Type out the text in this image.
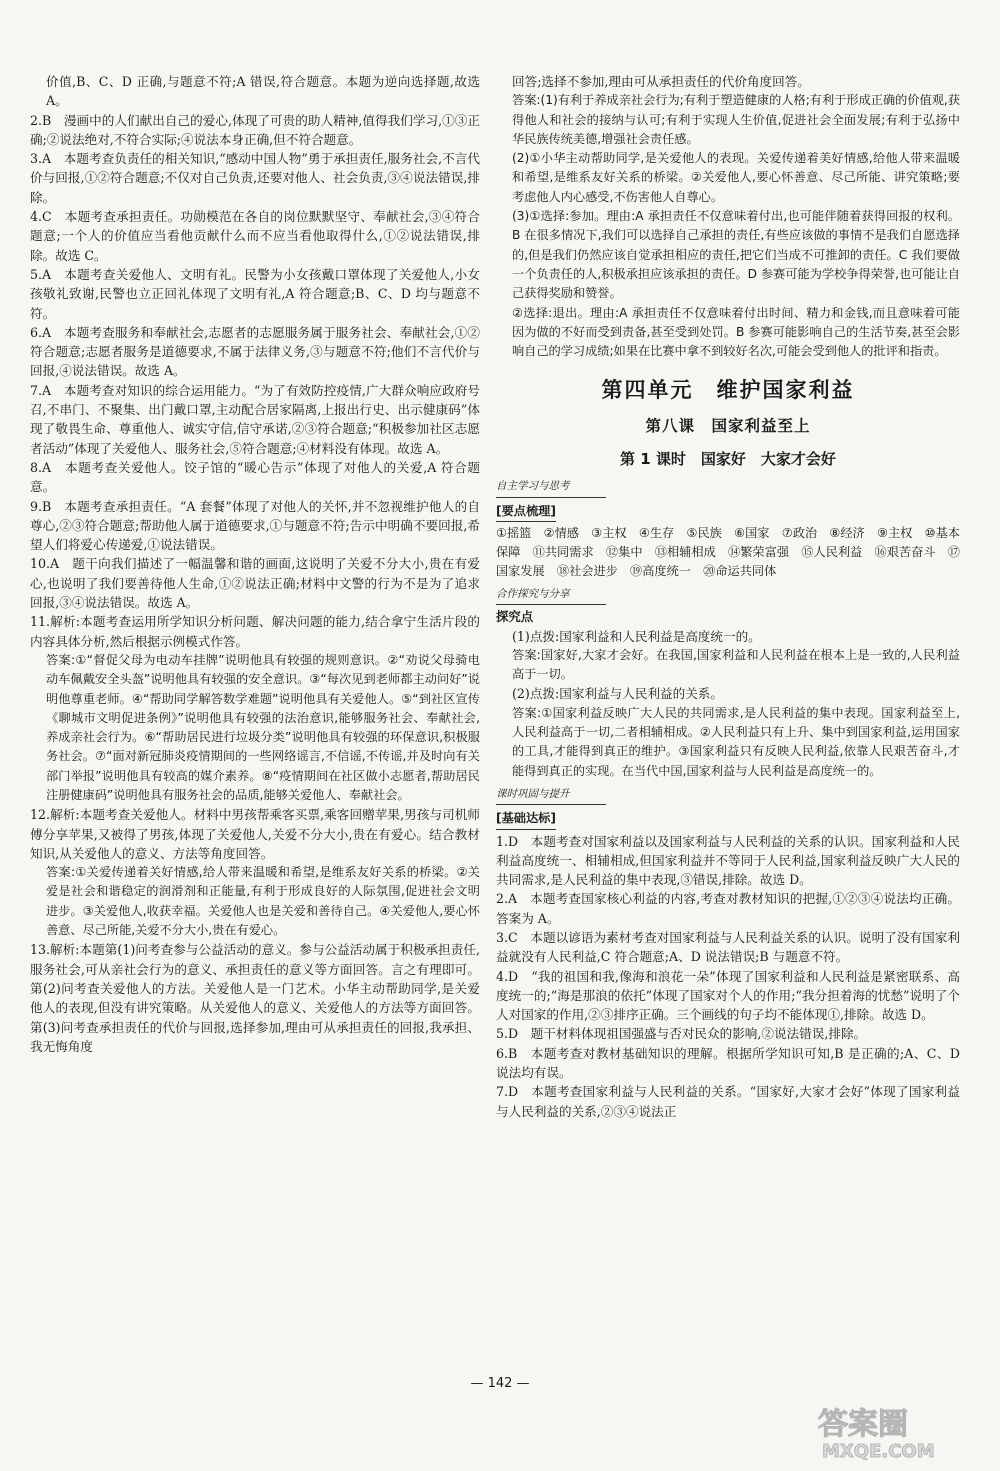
价值,B、C、D 正确,与题意不符;A 错误,符合题意。本题为逆向选择题,故选 A。

2.B　漫画中的人们献出自己的爱心,体现了可贵的助人精神,值得我们学习,①③正确;②说法绝对,不符合实际;④说法本身正确,但不符合题意。

3.A　本题考查负责任的相关知识,“感动中国人物”勇于承担责任,服务社会,不言代价与回报,①②符合题意;不仅对自己负责,还要对他人、社会负责,③④说法错误,排除。

4.C　本题考查承担责任。功勋模范在各自的岗位默默坚守、奉献社会,③④符合题意;一个人的价值应当看他贡献什么而不应当看他取得什么,①②说法错误,排除。故选 C。

5.A　本题考查关爱他人、文明有礼。民警为小女孩戴口罩体现了关爱他人,小女孩敬礼致谢,民警也立正回礼体现了文明有礼,A 符合题意;B、C、D 均与题意不符。

6.A　本题考查服务和奉献社会,志愿者的志愿服务属于服务社会、奉献社会,①②符合题意;志愿者服务是道德要求,不属于法律义务,③与题意不符;他们不言代价与回报,④说法错误。故选 A。

7.A　本题考查对知识的综合运用能力。“为了有效防控疫情,广大群众响应政府号召,不串门、不聚集、出门戴口罩,主动配合居家隔离,上报出行史、出示健康码”体现了敬畏生命、尊重他人、诚实守信,信守承诺,②③符合题意;“积极参加社区志愿者活动”体现了关爱他人、服务社会,⑤符合题意;④材料没有体现。故选 A。

8.A　本题考查关爱他人。饺子馆的“暖心告示”体现了对他人的关爱,A 符合题意。

9.B　本题考查承担责任。“A 套餐”体现了对他人的关怀,并不忽视维护他人的自尊心,②③符合题意;帮助他人属于道德要求,①与题意不符;告示中明确不要回报,希望人们将爱心传递爱,①说法错误。

10.A　题干向我们描述了一幅温馨和谐的画面,这说明了关爱不分大小,贵在有爱心,也说明了我们要善待他人生命,①②说法正确;材料中文警的行为不是为了追求回报,③④说法错误。故选 A。

11.解析:本题考查运用所学知识分析问题、解决问题的能力,结合拿宁生活片段的内容具体分析,然后根据示例模式作答。

答案:①“督促父母为电动车挂牌”说明他具有较强的规则意识。②“劝说父母骑电动车佩戴安全头盔”说明他具有较强的安全意识。③“每次见到老师都主动问好”说明他尊重老师。④“帮助同学解答数学难题”说明他具有关爱他人。⑤“到社区宣传《聊城市文明促进条例》”说明他具有较强的法治意识,能够服务社会、奉献社会,养成亲社会行为。⑥“帮助居民进行垃圾分类”说明他具有较强的环保意识,积极服务社会。⑦“面对新冠肺炎疫情期间的一些网络谣言,不信谣,不传谣,并及时向有关部门举报”说明他具有较高的媒介素养。⑧“疫情期间在社区做小志愿者,帮助居民注册健康码”说明他具有服务社会的品质,能够关爱他人、奉献社会。

12.解析:本题考查关爱他人。材料中男孩帮乘客买票,乘客回赠苹果,男孩与司机师傅分享苹果,又被得了男孩,体现了关爱他人,关爱不分大小,贵在有爱心。结合教材知识,从关爱他人的意义、方法等角度回答。

答案:①关爱传递着关好情感,给人带来温暖和希望,是维系友好关系的桥梁。②关爱是社会和谐稳定的润滑剂和正能量,有利于形成良好的人际氛围,促进社会文明进步。③关爱他人,收获幸福。关爱他人也是关爱和善待自己。④关爱他人,要心怀善意、尽己所能,关爱不分大小,贵在有爱心。

13.解析:本题第(1)问考查参与公益活动的意义。参与公益活动属于积极承担责任,服务社会,可从亲社会行为的意义、承担责任的意义等方面回答。言之有理即可。第(2)问考查关爱他人的方法。关爱他人是一门艺术。小华主动帮助同学,是关爱他人的表现,但没有讲究策略。从关爱他人的意义、关爱他人的方法等方面回答。第(3)问考查承担责任的代价与回报,选择参加,理由可从承担责任的回报,我承担、我无悔角度

回答;选择不参加,理由可从承担责任的代价角度回答。

答案:(1)有利于养成亲社会行为;有利于塑造健康的人格;有利于形成正确的价值观,获得他人和社会的接纳与认可;有利于实现人生价值,促进社会全面发展;有利于弘扬中华民族传统美德,增强社会责任感。

(2)①小华主动帮助同学,是关爱他人的表现。关爱传递着美好情感,给他人带来温暖和希望,是维系友好关系的桥梁。②关爱他人,要心怀善意、尽己所能、讲究策略;要考虑他人内心感受,不伤害他人自尊心。

(3)①选择:参加。理由:A 承担责任不仅意味着付出,也可能伴随着获得回报的权利。B 在很多情况下,我们可以选择自己承担的责任,有些应该做的事情不是我们自愿选择的,但是我们仍然应该自觉承担相应的责任,把它们当成不可推卸的责任。C 我们要做一个负责任的人,积极承担应该承担的责任。D 参赛可能为学校争得荣誉,也可能让自己获得奖励和赞誉。

②选择:退出。理由:A 承担责任不仅意味着付出时间、精力和金钱,而且意味着可能因为做的不好而受到责备,甚至受到处罚。B 参赛可能影响自己的生活节奏,甚至会影响自己的学习成绩;如果在比赛中拿不到较好名次,可能会受到他人的批评和指责。

第四单元　维护国家利益
第八课　国家利益至上
第 1 课时　国家好　大家才会好
自主学习与思考
[要点梳理]

①摇篮　②情感　③主权　④生存　⑤民族　⑥国家　⑦政治　⑧经济　⑨主权　⑩基本保障　⑪共同需求　⑫集中　⑬相辅相成　⑭繁荣富强　⑮人民利益　⑯艰苦奋斗　⑰国家发展　⑱社会进步　⑲高度统一　⑳命运共同体

合作探究与分享
探究点

(1)点拨:国家利益和人民利益是高度统一的。

答案:国家好,大家才会好。在我国,国家利益和人民利益在根本上是一致的,人民利益高于一切。

(2)点拨:国家利益与人民利益的关系。

答案:①国家利益反映广大人民的共同需求,是人民利益的集中表现。国家利益至上,人民利益高于一切,二者相辅相成。②人民利益只有上升、集中到国家利益,运用国家的工具,才能得到真正的维护。③国家利益只有反映人民利益,依靠人民艰苦奋斗,才能得到真正的实现。在当代中国,国家利益与人民利益是高度统一的。

课时巩固与提升
[基础达标]

1.D　本题考查对国家利益以及国家利益与人民利益的关系的认识。国家利益和人民利益高度统一、相辅相成,但国家利益并不等同于人民利益,国家利益反映广大人民的共同需求,是人民利益的集中表现,③错误,排除。故选 D。

2.A　本题考查国家核心利益的内容,考查对教材知识的把握,①②③④说法均正确。答案为 A。

3.C　本题以谚语为素材考查对国家利益与人民利益关系的认识。说明了没有国家利益就没有人民利益,C 符合题意;A、D 说法错误;B 与题意不符。

4.D　“我的祖国和我,像海和浪花一朵”体现了国家利益和人民利益是紧密联系、高度统一的;“海是那浪的依托”体现了国家对个人的作用;“我分担着海的忧愁”说明了个人对国家的作用,②③排序正确。三个画线的句子均不能体现①,排除。故选 D。

5.D　题干材料体现祖国强盛与否对民众的影响,②说法错误,排除。

6.B　本题考查对教材基础知识的理解。根据所学知识可知,B 是正确的;A、C、D 说法均有误。

7.D　本题考查国家利益与人民利益的关系。“国家好,大家才会好”体现了国家利益与人民利益的关系,②③④说法正

— 142 —
答案圈
MXQE.COM
